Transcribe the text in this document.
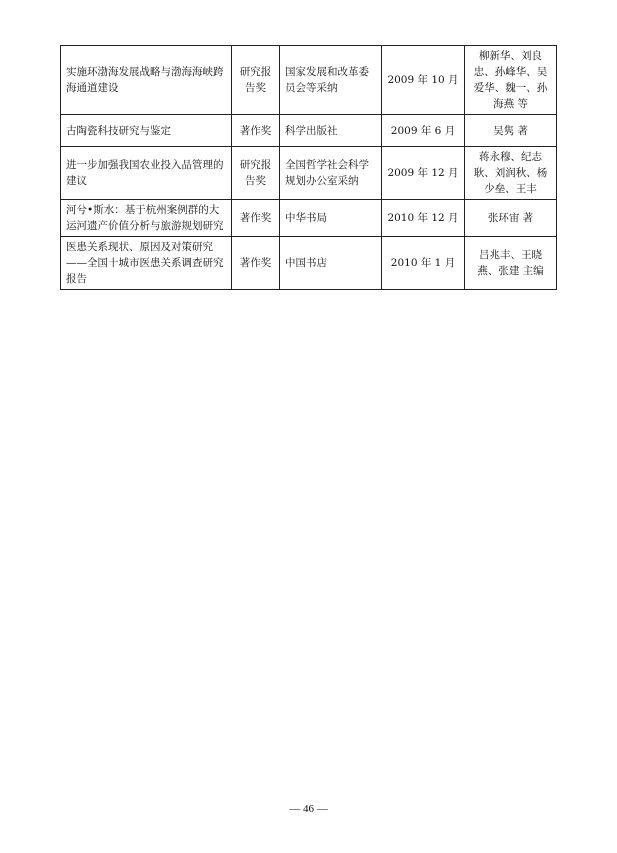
实施环渤海发展战略与渤海海峡跨海通道建设	研究报告奖	国家发展和改革委员会等采纳	2009 年 10 月	柳新华、刘良忠、孙峰华、吴爱华、魏一、孙海燕 等
古陶瓷科技研究与鉴定	著作奖	科学出版社	2009 年 6 月	吴隽 著
进一步加强我国农业投入品管理的建议	研究报告奖	全国哲学社会科学规划办公室采纳	2009 年 12 月	蒋永穆、纪志耿、刘润秋、杨少垒、王丰
河兮•斯水：基于杭州案例群的大运河遗产价值分析与旅游规划研究	著作奖	中华书局	2010 年 12 月	张环宙 著
医患关系现状、原因及对策研究——全国十城市医患关系调查研究报告	著作奖	中国书店	2010 年 1 月	吕兆丰、王晓燕、张建 主编
— 46 —
